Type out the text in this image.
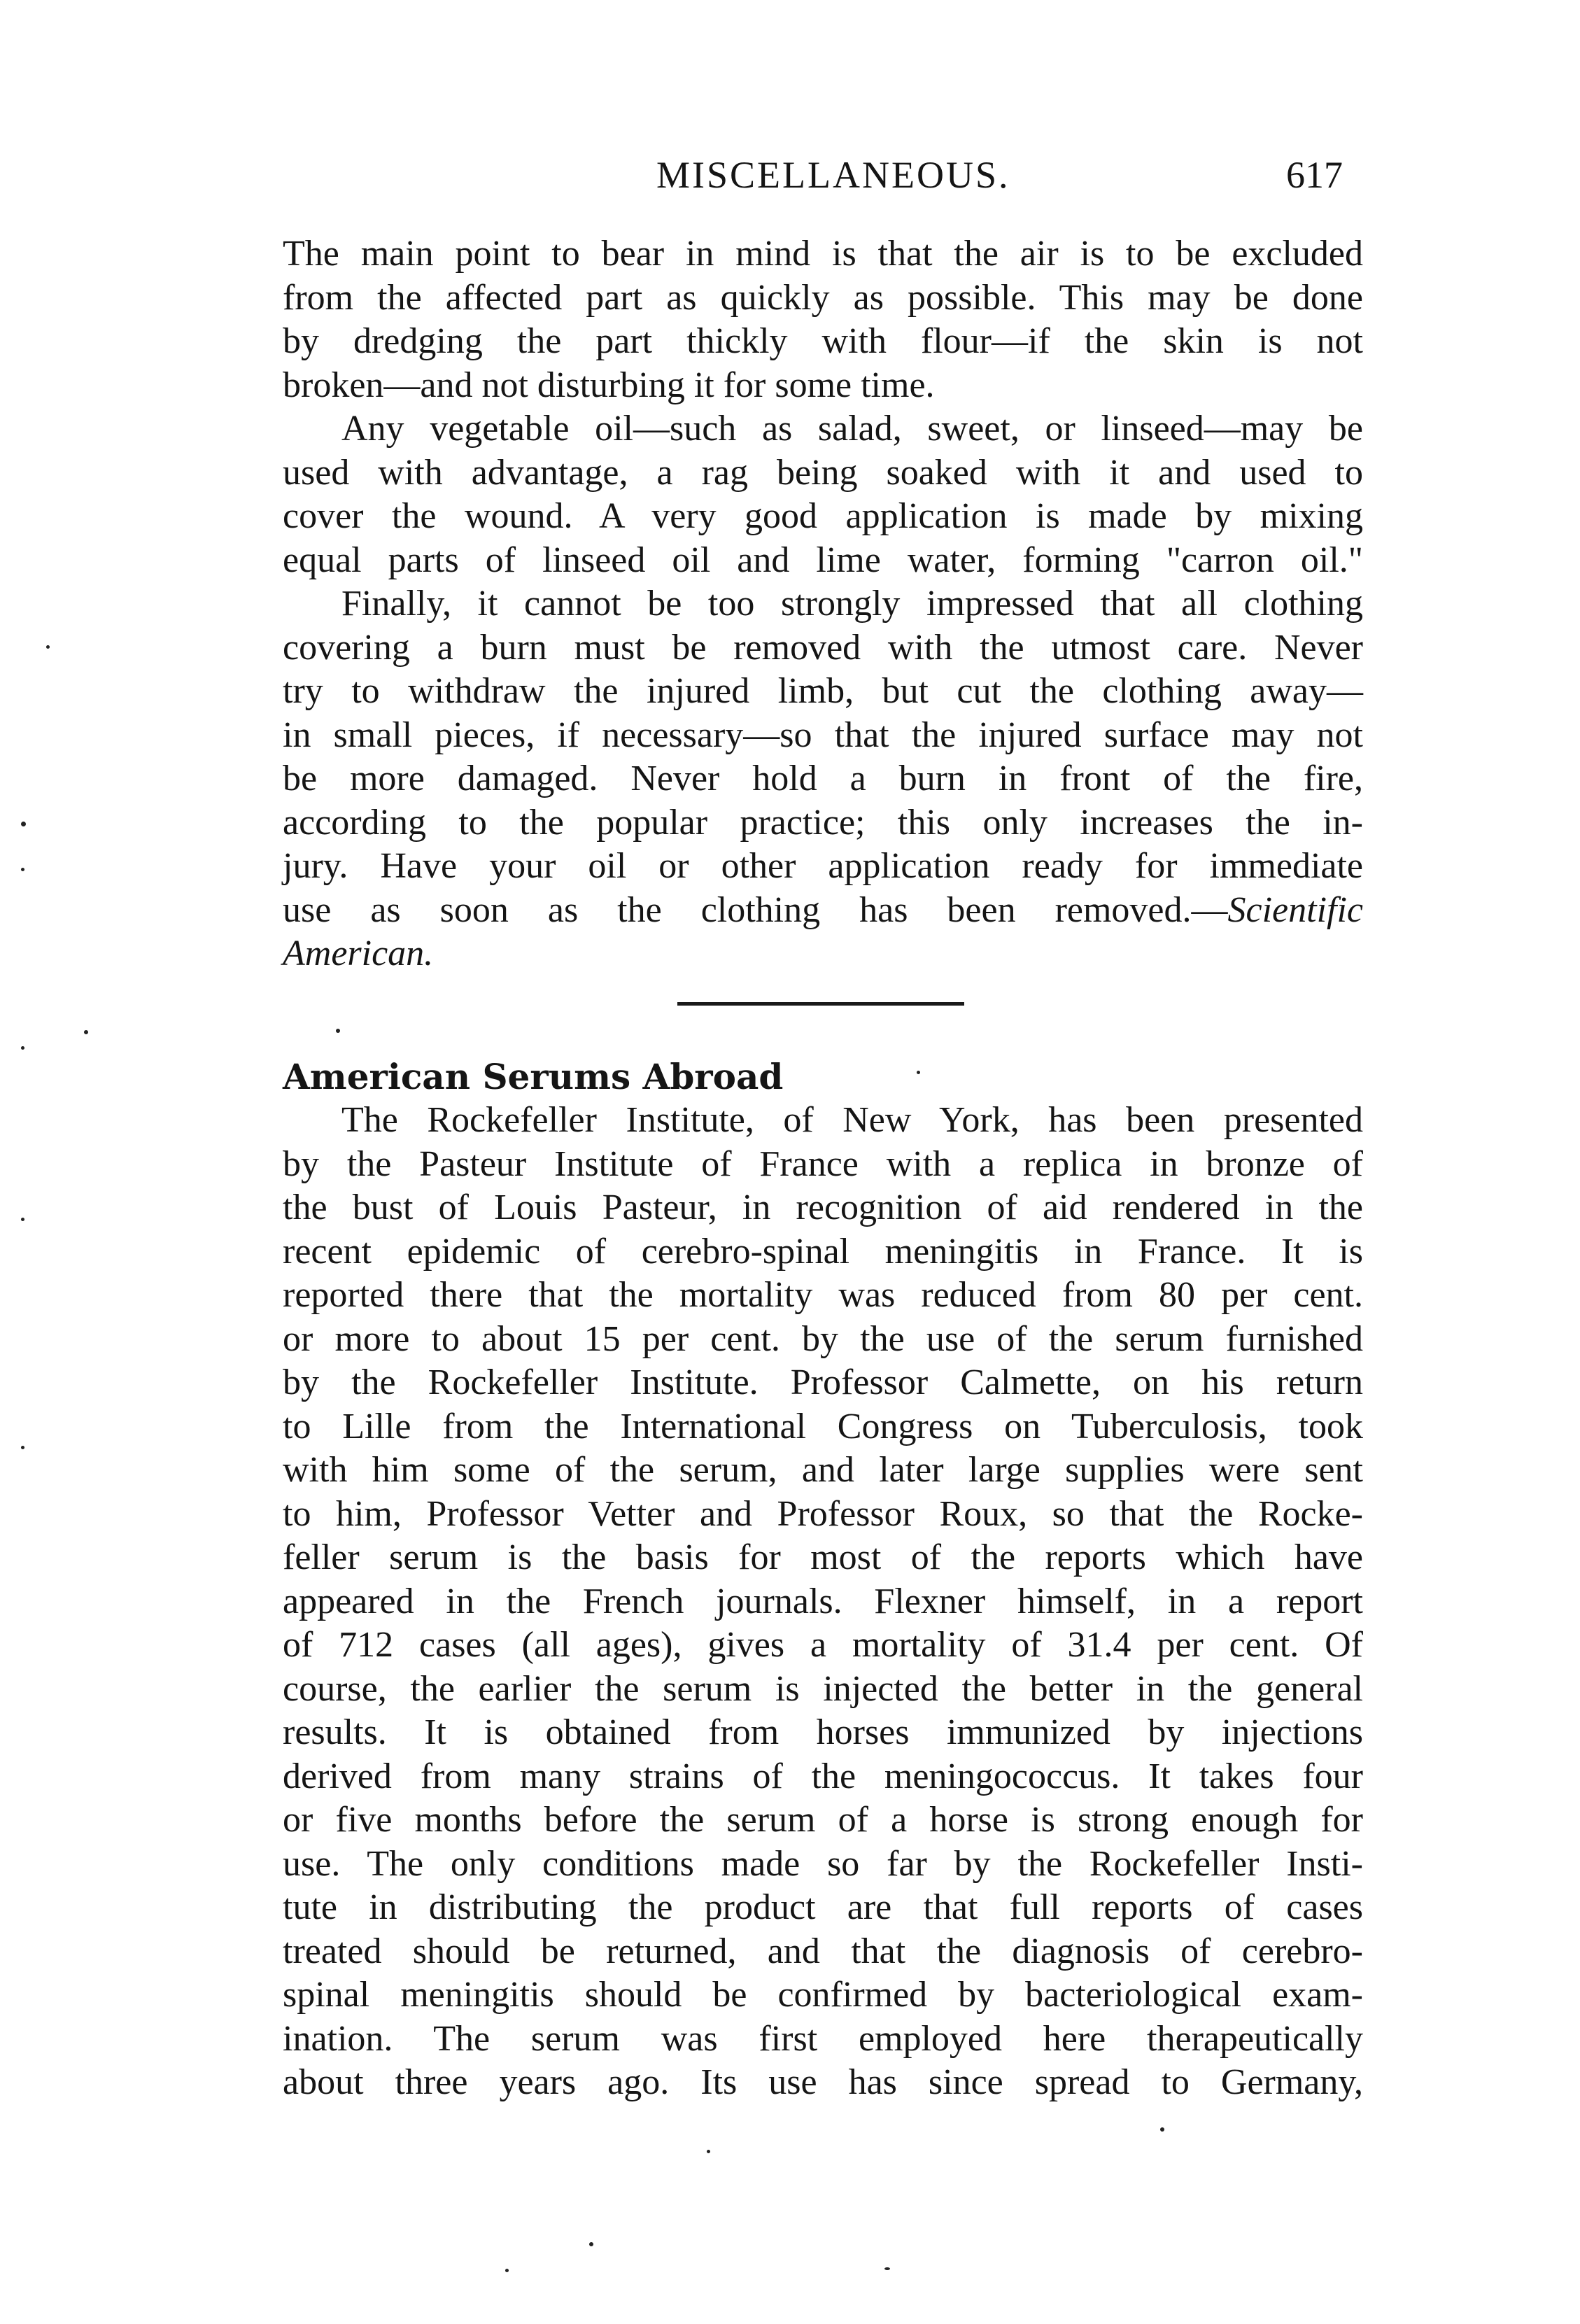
MISCELLANEOUS.	617
The main point to bear in mind is that the air is to be excluded
from the affected part as quickly as possible. This may be done
by dredging the part thickly with flour—if the skin is not
broken—and not disturbing it for some time.
Any vegetable oil—such as salad, sweet, or linseed—may be
used with advantage, a rag being soaked with it and used to
cover the wound. A very good application is made by mixing
equal parts of linseed oil and lime water, forming "carron oil."
Finally, it cannot be too strongly impressed that all clothing
covering a burn must be removed with the utmost care. Never
try to withdraw the injured limb, but cut the clothing away—
in small pieces, if necessary—so that the injured surface may not
be more damaged. Never hold a burn in front of the fire,
according to the popular practice; this only increases the in-
jury. Have your oil or other application ready for immediate
use as soon as the clothing has been removed.—Scientific
American.
American Serums Abroad
The Rockefeller Institute, of New York, has been presented
by the Pasteur Institute of France with a replica in bronze of
the bust of Louis Pasteur, in recognition of aid rendered in the
recent epidemic of cerebro-spinal meningitis in France. It is
reported there that the mortality was reduced from 80 per cent.
or more to about 15 per cent. by the use of the serum furnished
by the Rockefeller Institute. Professor Calmette, on his return
to Lille from the International Congress on Tuberculosis, took
with him some of the serum, and later large supplies were sent
to him, Professor Vetter and Professor Roux, so that the Rocke-
feller serum is the basis for most of the reports which have
appeared in the French journals. Flexner himself, in a report
of 712 cases (all ages), gives a mortality of 31.4 per cent. Of
course, the earlier the serum is injected the better in the general
results. It is obtained from horses immunized by injections
derived from many strains of the meningococcus. It takes four
or five months before the serum of a horse is strong enough for
use. The only conditions made so far by the Rockefeller Insti-
tute in distributing the product are that full reports of cases
treated should be returned, and that the diagnosis of cerebro-
spinal meningitis should be confirmed by bacteriological exam-
ination. The serum was first employed here therapeutically
about three years ago. Its use has since spread to Germany,
